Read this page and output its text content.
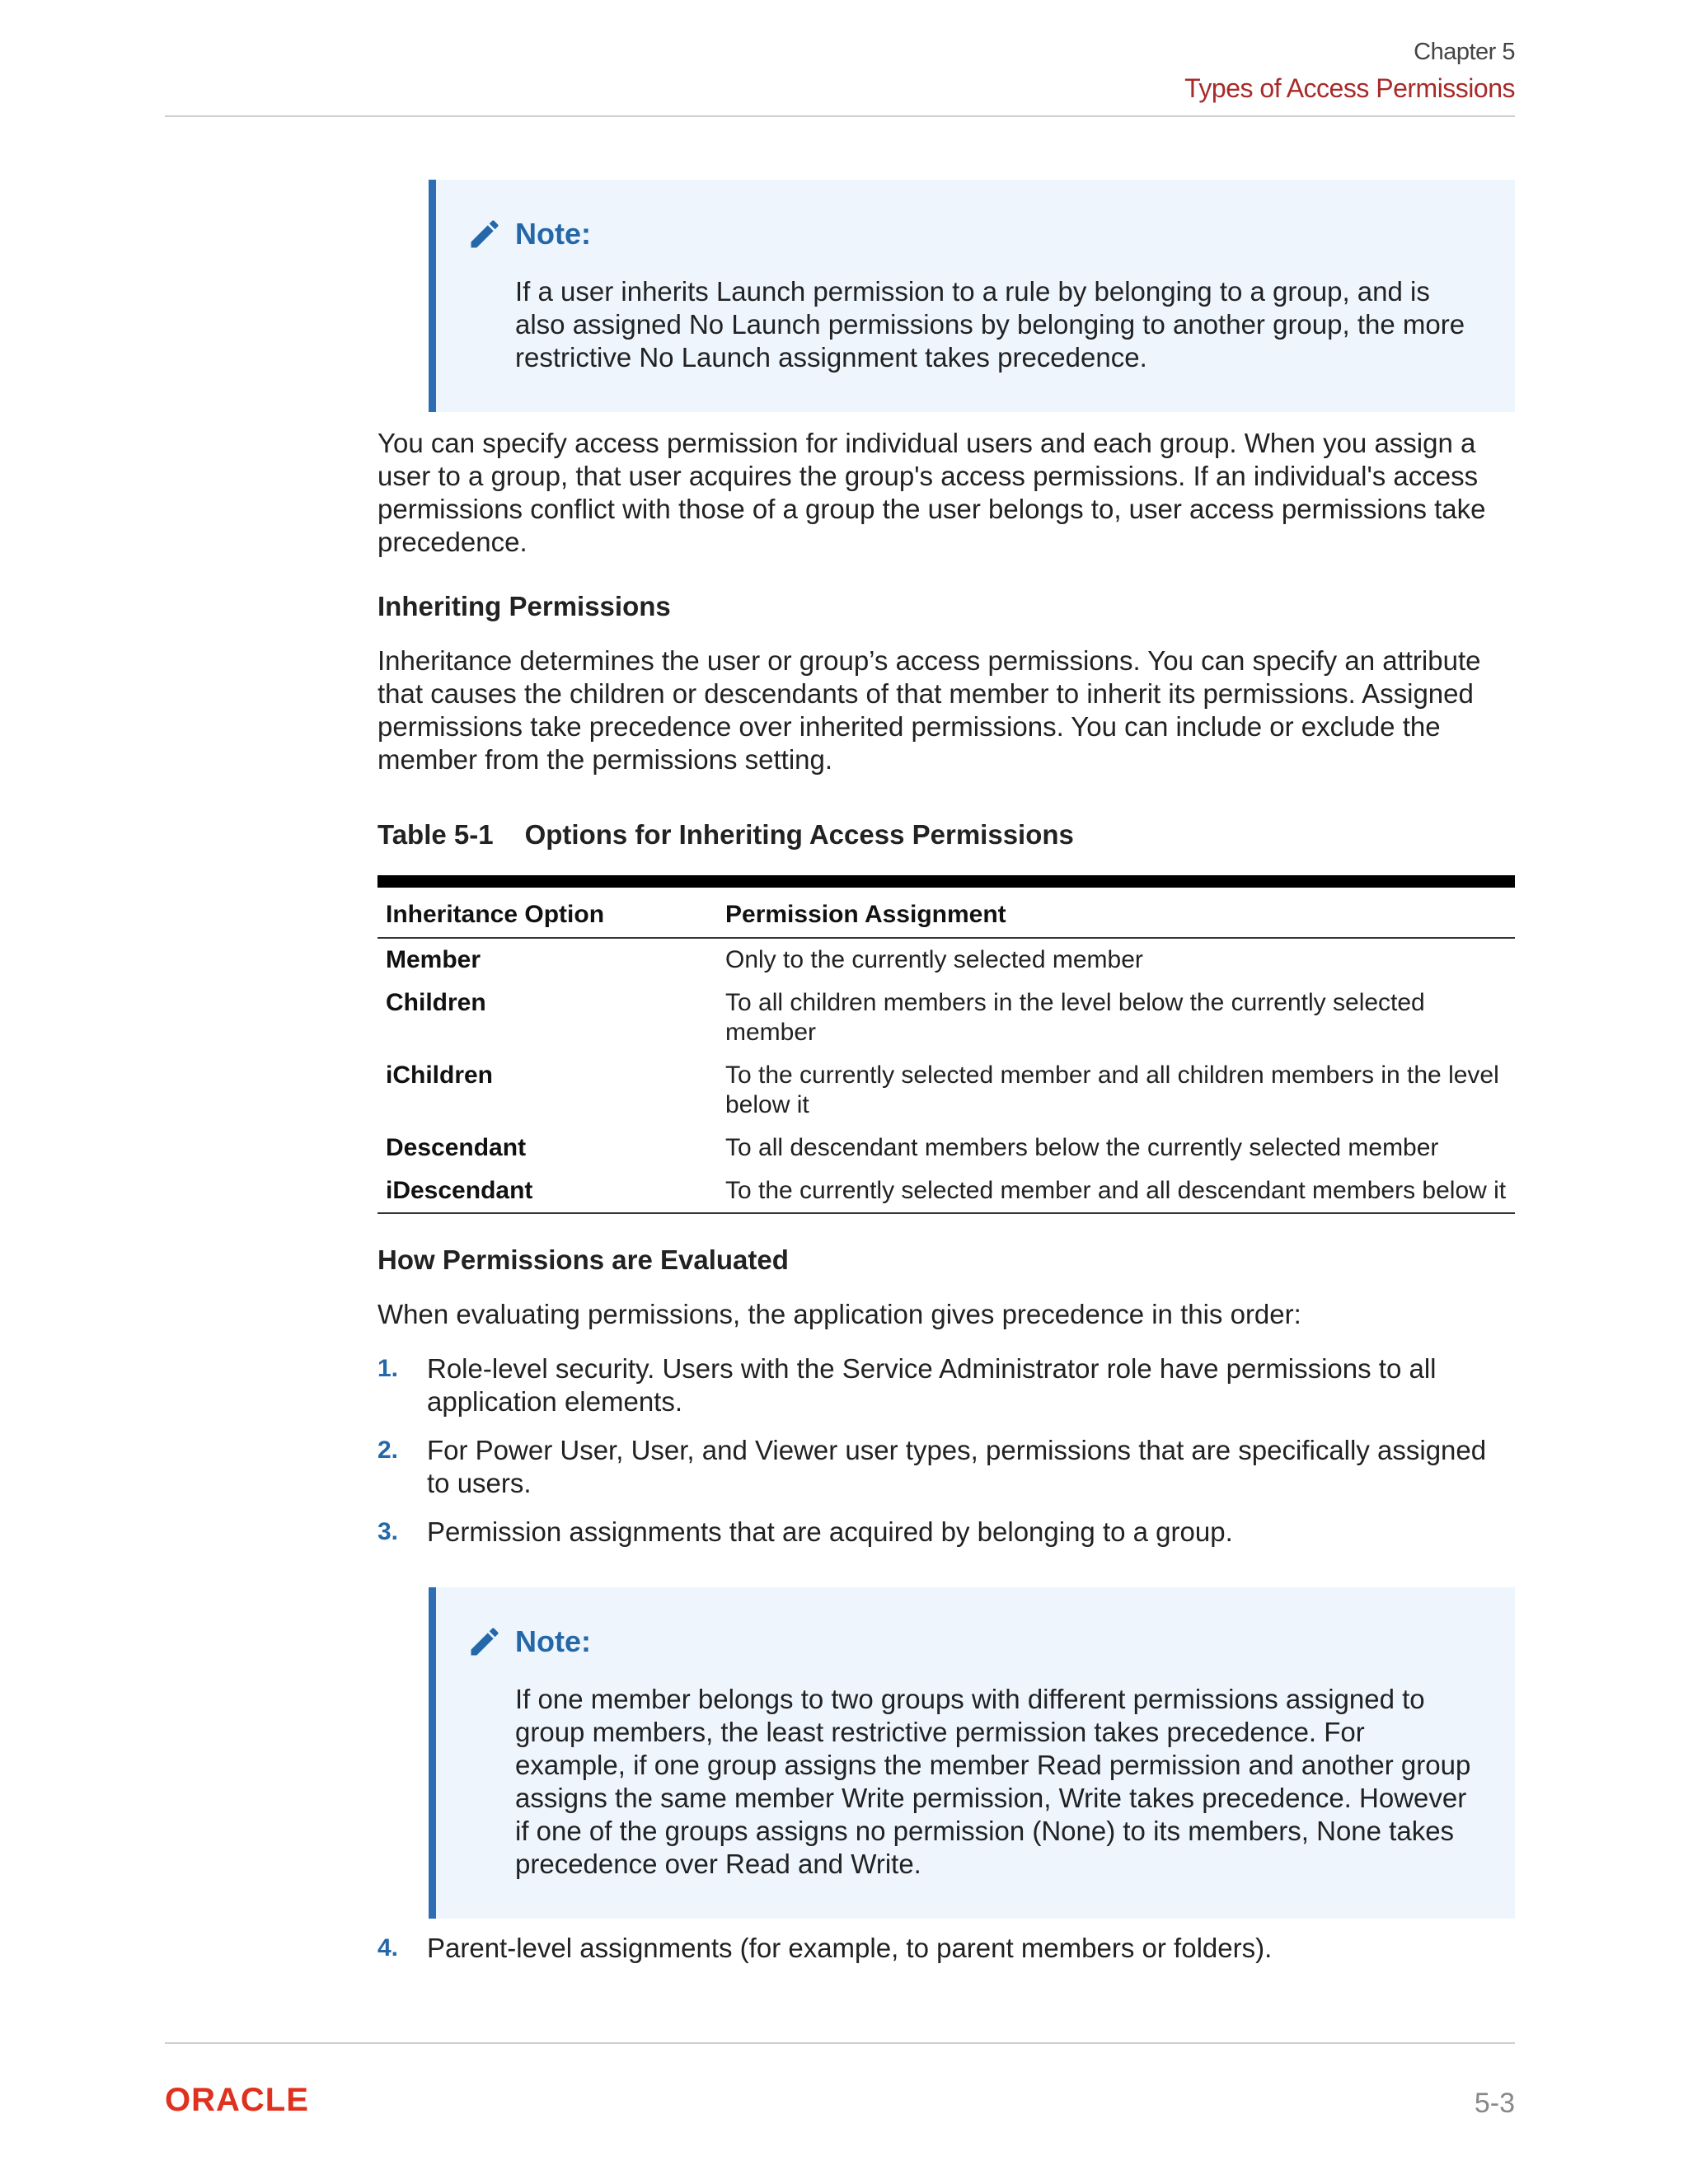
Chapter 5
Types of Access Permissions
Note:

If a user inherits Launch permission to a rule by belonging to a group, and is also assigned No Launch permissions by belonging to another group, the more restrictive No Launch assignment takes precedence.

You can specify access permission for individual users and each group. When you assign a user to a group, that user acquires the group's access permissions. If an individual's access permissions conflict with those of a group the user belongs to, user access permissions take precedence.

Inheriting Permissions

Inheritance determines the user or group’s access permissions. You can specify an attribute that causes the children or descendants of that member to inherit its permissions. Assigned permissions take precedence over inherited permissions. You can include or exclude the member from the permissions setting.

Table 5-1 Options for Inheriting Access Permissions
Inheritance Option	Permission Assignment
Member	Only to the currently selected member
Children	To all children members in the level below the currently selected member
iChildren	To the currently selected member and all children members in the level below it
Descendant	To all descendant members below the currently selected member
iDescendant	To the currently selected member and all descendant members below it
How Permissions are Evaluated

When evaluating permissions, the application gives precedence in this order:

1. Role-level security. Users with the Service Administrator role have permissions to all application elements.
2. For Power User, User, and Viewer user types, permissions that are specifically assigned to users.
3. Permission assignments that are acquired by belonging to a group.
Note:

If one member belongs to two groups with different permissions assigned to group members, the least restrictive permission takes precedence. For example, if one group assigns the member Read permission and another group assigns the same member Write permission, Write takes precedence. However if one of the groups assigns no permission (None) to its members, None takes precedence over Read and Write.

4. Parent-level assignments (for example, to parent members or folders).
ORACLE	5-3
